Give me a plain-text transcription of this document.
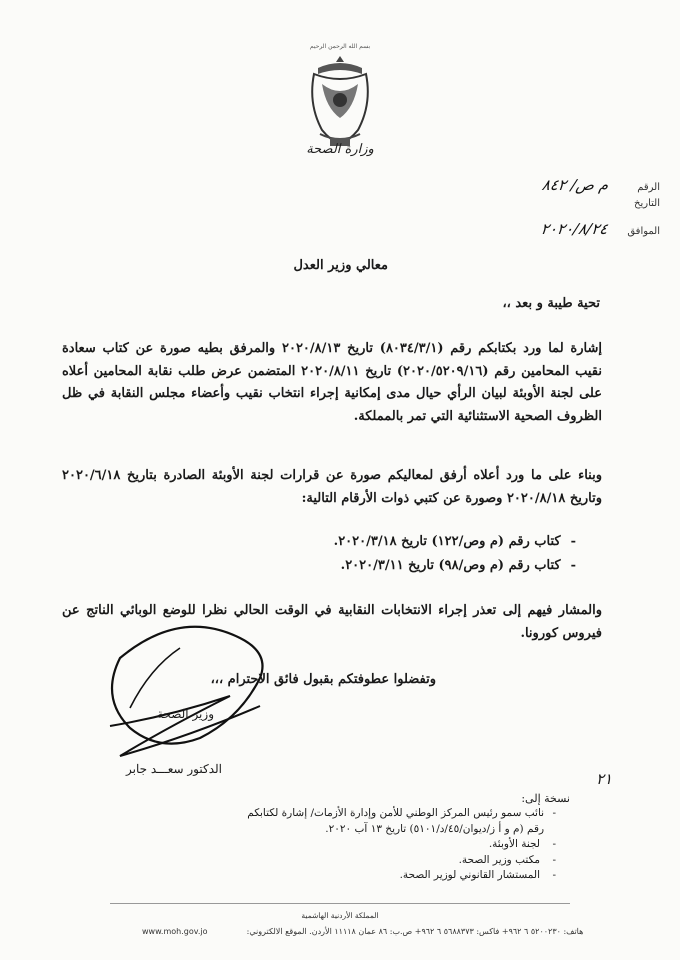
بسم الله الرحمن الرحيم
وزارة الصحة
الرقم
م ص/ ٨٤٢
التاريخ
الموافق
٢٠٢٠/٨/٢٤
معالي وزير العدل
تحية طيبة و بعد ،،
إشارة لما ورد بكتابكم رقم (٨٠٣٤/٣/١) تاريخ ٢٠٢٠/٨/١٣ والمرفق بطيه صورة عن كتاب سعادة نقيب المحامين رقم (٢٠٢٠/٥٢٠٩/١٦) تاريخ ٢٠٢٠/٨/١١ المتضمن عرض طلب نقابة المحامين أعلاه على لجنة الأوبئة لبيان الرأي حيال مدى إمكانية إجراء انتخاب نقيب وأعضاء مجلس النقابة في ظل الظروف الصحية الاستثنائية التي تمر بالمملكة.
وبناء على ما ورد أعلاه أرفق لمعاليكم صورة عن قرارات لجنة الأوبئة الصادرة بتاريخ ٢٠٢٠/٦/١٨ وتاريخ ٢٠٢٠/٨/١٨ وصورة عن كتبي ذوات الأرقام التالية:
-
كتاب رقم (م وص/١٢٢) تاريخ ٢٠٢٠/٣/١٨.
-
كتاب رقم (م وص/٩٨) تاريخ ٢٠٢٠/٣/١١.
والمشار فيهم إلى تعذر إجراء الانتخابات النقابية في الوقت الحالي نظرا للوضع الوبائي الناتج عن فيروس كورونا.
وتفضلوا عطوفتكم بقبول فائق الاحترام ،،،
وزير الصحة
الدكتور سعـــد جابر
٢١
نسخة إلى:
-
نائب سمو رئيس المركز الوطني للأمن وإدارة الأزمات/ إشارة لكتابكم رقم (م و أ ز/ديوان/٤٥/د/٥١٠١) تاريخ ١٣ آب ٢٠٢٠.
-
لجنة الأوبئة.
-
مكتب وزير الصحة.
-
المستشار القانوني لوزير الصحة.
المملكة الأردنية الهاشمية
هاتف: ٥٢٠٠٢٣٠ ٦ ٩٦٢+ فاكس: ٥٦٨٨٣٧٣ ٦ ٩٦٢+ ص.ب: ٨٦ عمان ١١١١٨ الأردن. الموقع الالكتروني:
www.moh.gov.jo
